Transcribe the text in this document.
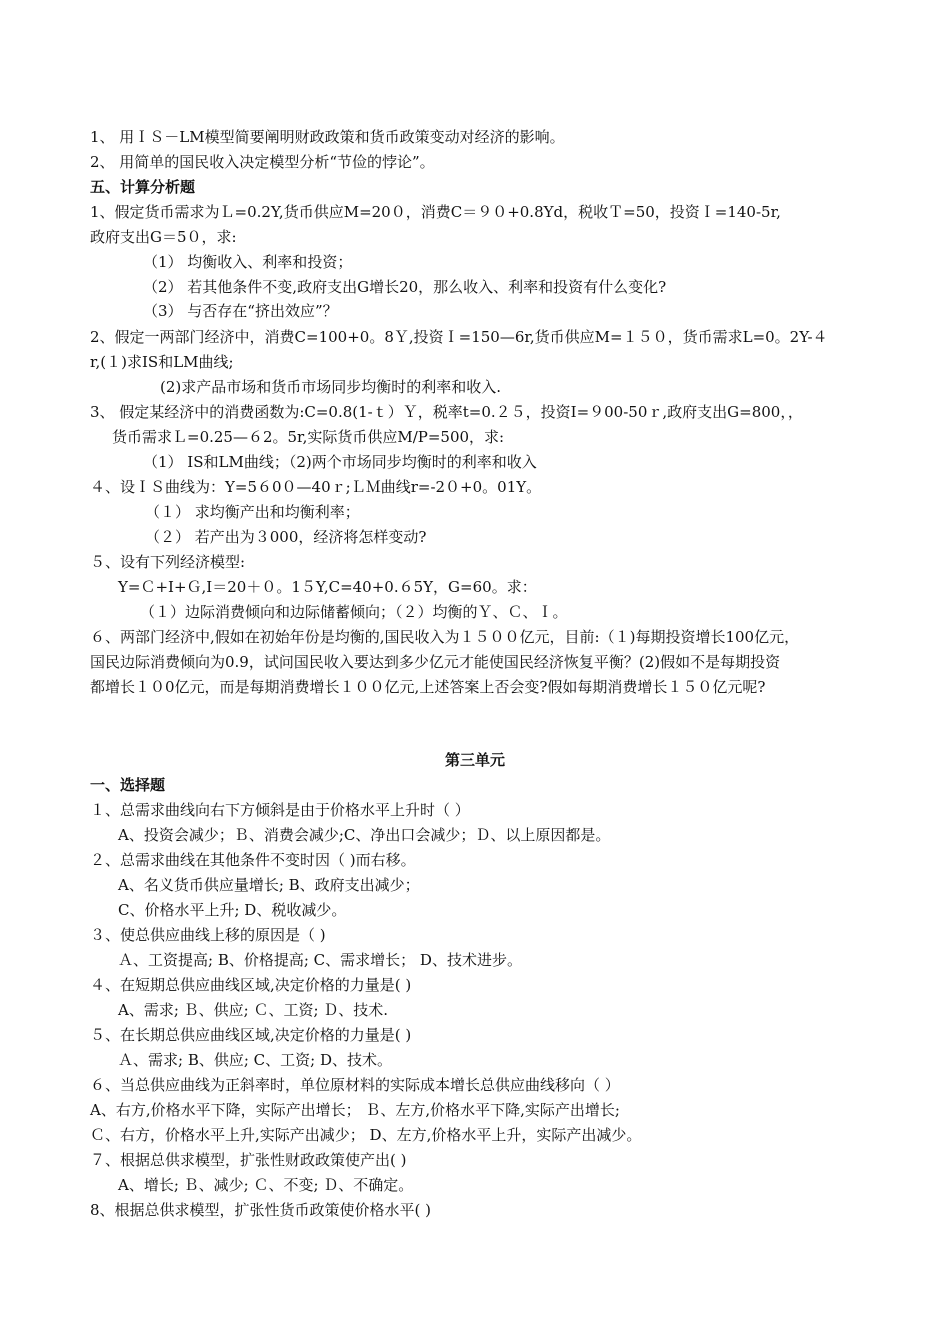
1、 用ＩＳ－LM模型简要阐明财政政策和货币政策变动对经济的影响。
2、 用简单的国民收入决定模型分析“节俭的悖论”。
五、计算分析题
1、假定货币需求为Ｌ=0.2Y,货币供应M=20０，消费C＝９０+0.8Yd，税收Ｔ=50，投资Ｉ=140-5r,
政府支出G＝5０，求:
（1） 均衡收入、利率和投资；
（2） 若其他条件不变,政府支出G增长20，那么收入、利率和投资有什么变化?
（3） 与否存在“挤出效应”？
2、假定一两部门经济中，消费C=100+0。8Ｙ,投资Ｉ=150—6r,货币供应M=１５０，货币需求L=0。2Y-４
r,(１)求IS和LM曲线;
(2)求产品市场和货币市场同步均衡时的利率和收入.
3、 假定某经济中的消费函数为:C=0.8(1-ｔ）Ｙ，税率t=0.２５，投资I=９00-50ｒ,政府支出G=800，，
货币需求Ｌ=0.25—６2。5r,实际货币供应M/P=500，求:
（1） IS和LM曲线；（2)两个市场同步均衡时的利率和收入
４、设ＩＳ曲线为：Y=5６0０—40ｒ;ＬＭ曲线r=-2０+0。01Y。
（１） 求均衡产出和均衡利率；
（２） 若产出为３000，经济将怎样变动?
５、设有下列经济模型:
Y=Ｃ+I+Ｇ,I＝20＋０。1５Y,C=40+0.６5Y，G=60。求：
（１）边际消费倾向和边际储蓄倾向；（２）均衡的Ｙ、Ｃ、Ｉ。
６、两部门经济中,假如在初始年份是均衡的,国民收入为１５００亿元，目前:（１)每期投资增长100亿元，
国民边际消费倾向为0.9，试问国民收入要达到多少亿元才能使国民经济恢复平衡？(2)假如不是每期投资
都增长１０0亿元，而是每期消费增长１００亿元,上述答案上否会变?假如每期消费增长１５０亿元呢?
第三单元
一、选择题
１、总需求曲线向右下方倾斜是由于价格水平上升时（ ）
A、投资会减少；Ｂ、消费会减少;C、净出口会减少；Ｄ、以上原因都是。
２、总需求曲线在其他条件不变时因（ )而右移。
A、名义货币供应量增长; B、政府支出减少；
C、价格水平上升; D、税收减少。
３、使总供应曲线上移的原因是（ )
Ａ、工资提高; B、价格提高; C、需求增长； D、技术进步。
４、在短期总供应曲线区域,决定价格的力量是( )
A、需求; Ｂ、供应; Ｃ、工资; Ｄ、技术.
５、在长期总供应曲线区域,决定价格的力量是( )
Ａ、需求; B、供应; C、工资; D、技术。
６、当总供应曲线为正斜率时，单位原材料的实际成本增长总供应曲线移向（ ）
A、右方,价格水平下降，实际产出增长； Ｂ、左方,价格水平下降,实际产出增长;
Ｃ、右方，价格水平上升,实际产出减少； D、左方,价格水平上升，实际产出减少。
７、根据总供求模型，扩张性财政政策使产出( )
A、增长; Ｂ、减少; Ｃ、不变; Ｄ、不确定。
8、根据总供求模型，扩张性货币政策使价格水平( )
